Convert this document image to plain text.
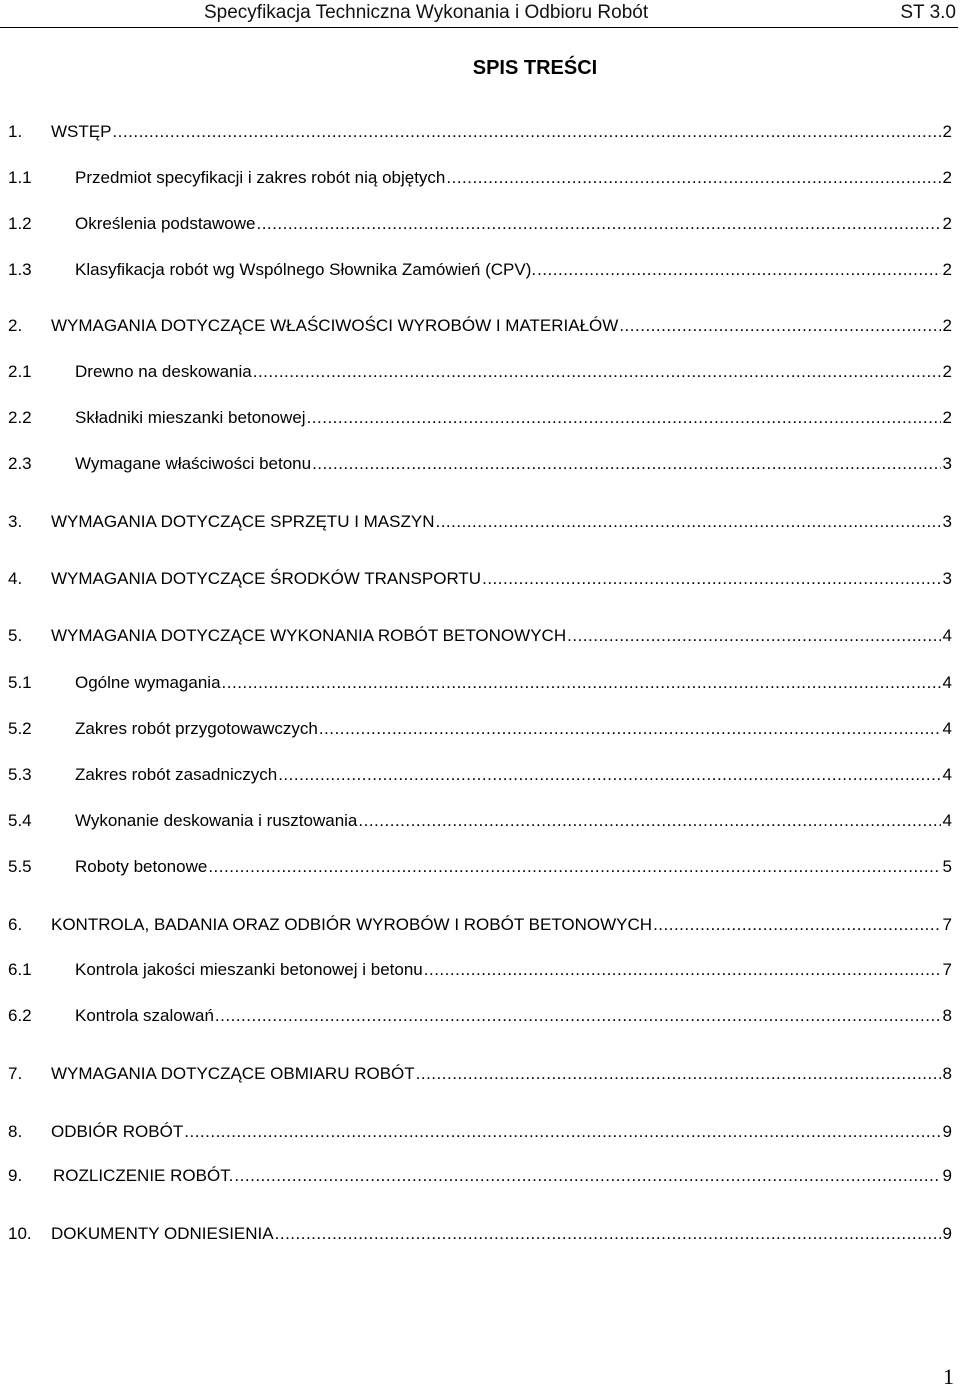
Specyfikacja Techniczna Wykonania i Odbioru Robót	ST 3.0
SPIS TREŚCI
1.	WSTĘP .....	2
1.1	Przedmiot specyfikacji i zakres robót nią objętych .....	2
1.2	Określenia podstawowe .....	2
1.3	Klasyfikacja robót wg Wspólnego Słownika Zamówień (CPV). .....	2
2.	WYMAGANIA DOTYCZĄCE WŁAŚCIWOŚCI WYROBÓW I MATERIAŁÓW .....	2
2.1	Drewno na deskowania .....	2
2.2	Składniki mieszanki betonowej .....	2
2.3	Wymagane właściwości betonu .....	3
3.	WYMAGANIA DOTYCZĄCE SPRZĘTU I MASZYN .....	3
4.	WYMAGANIA DOTYCZĄCE ŚRODKÓW TRANSPORTU .....	3
5.	WYMAGANIA DOTYCZĄCE WYKONANIA ROBÓT BETONOWYCH .....	4
5.1	Ogólne wymagania .....	4
5.2	Zakres robót przygotowawczych .....	4
5.3	Zakres robót zasadniczych .....	4
5.4	Wykonanie deskowania i rusztowania .....	4
5.5	Roboty betonowe .....	5
6.	KONTROLA, BADANIA ORAZ ODBIÓR WYROBÓW I ROBÓT BETONOWYCH .....	7
6.1	Kontrola jakości mieszanki betonowej i betonu .....	7
6.2	Kontrola szalowań .....	8
7.	WYMAGANIA DOTYCZĄCE OBMIARU ROBÓT .....	8
8.	ODBIÓR ROBÓT .....	9
9.	ROZLICZENIE ROBÓT. .....	9
10.	DOKUMENTY ODNIESIENIA .....	9
1
